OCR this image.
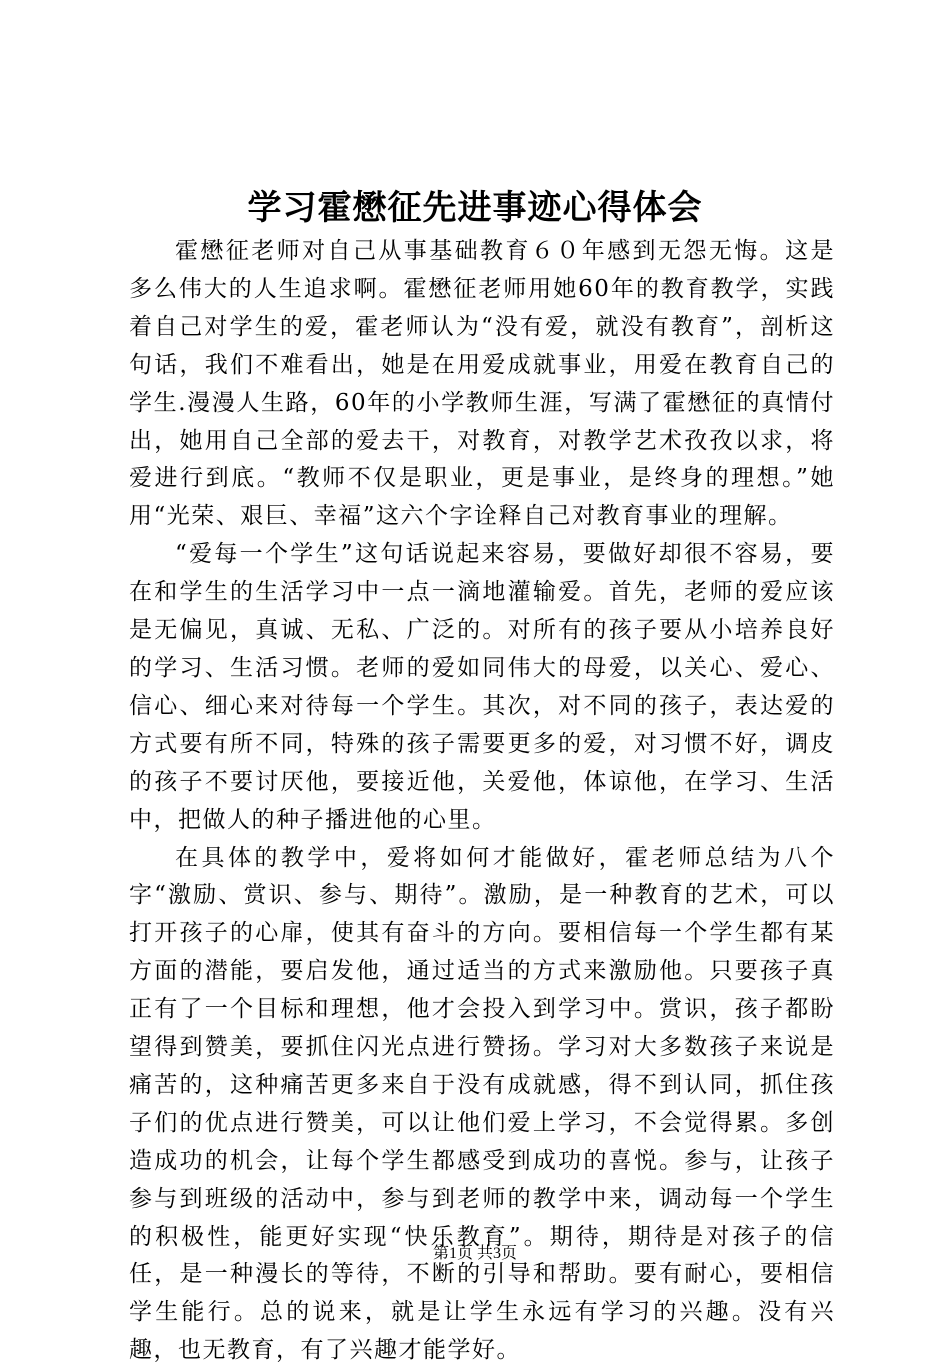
学习霍懋征先进事迹心得体会

霍懋征老师对自己从事基础教育６０年感到无怨无悔。这是多么伟大的人生追求啊。霍懋征老师用她60年的教育教学，实践着自己对学生的爱，霍老师认为“没有爱，就没有教育”，剖析这句话，我们不难看出，她是在用爱成就事业，用爱在教育自己的学生.漫漫人生路，60年的小学教师生涯，写满了霍懋征的真情付出，她用自己全部的爱去干，对教育，对教学艺术孜孜以求，将爱进行到底。“教师不仅是职业，更是事业，是终身的理想。”她用“光荣、艰巨、幸福”这六个字诠释自己对教育事业的理解。

“爱每一个学生”这句话说起来容易，要做好却很不容易，要在和学生的生活学习中一点一滴地灌输爱。首先，老师的爱应该是无偏见，真诚、无私、广泛的。对所有的孩子要从小培养良好的学习、生活习惯。老师的爱如同伟大的母爱，以关心、爱心、信心、细心来对待每一个学生。其次，对不同的孩子，表达爱的方式要有所不同，特殊的孩子需要更多的爱，对习惯不好，调皮的孩子不要讨厌他，要接近他，关爱他，体谅他，在学习、生活中，把做人的种子播进他的心里。

在具体的教学中，爱将如何才能做好，霍老师总结为八个字“激励、赏识、参与、期待”。激励，是一种教育的艺术，可以打开孩子的心扉，使其有奋斗的方向。要相信每一个学生都有某方面的潜能，要启发他，通过适当的方式来激励他。只要孩子真正有了一个目标和理想，他才会投入到学习中。赏识，孩子都盼望得到赞美，要抓住闪光点进行赞扬。学习对大多数孩子来说是痛苦的，这种痛苦更多来自于没有成就感，得不到认同，抓住孩子们的优点进行赞美，可以让他们爱上学习，不会觉得累。多创造成功的机会，让每个学生都感受到成功的喜悦。参与，让孩子参与到班级的活动中，参与到老师的教学中来，调动每一个学生的积极性，能更好实现“快乐教育”。期待，期待是对孩子的信任，是一种漫长的等待，不断的引导和帮助。要有耐心，要相信学生能行。总的说来，就是让学生永远有学习的兴趣。没有兴趣，也无教育，有了兴趣才能学好。

第1页 共3页
